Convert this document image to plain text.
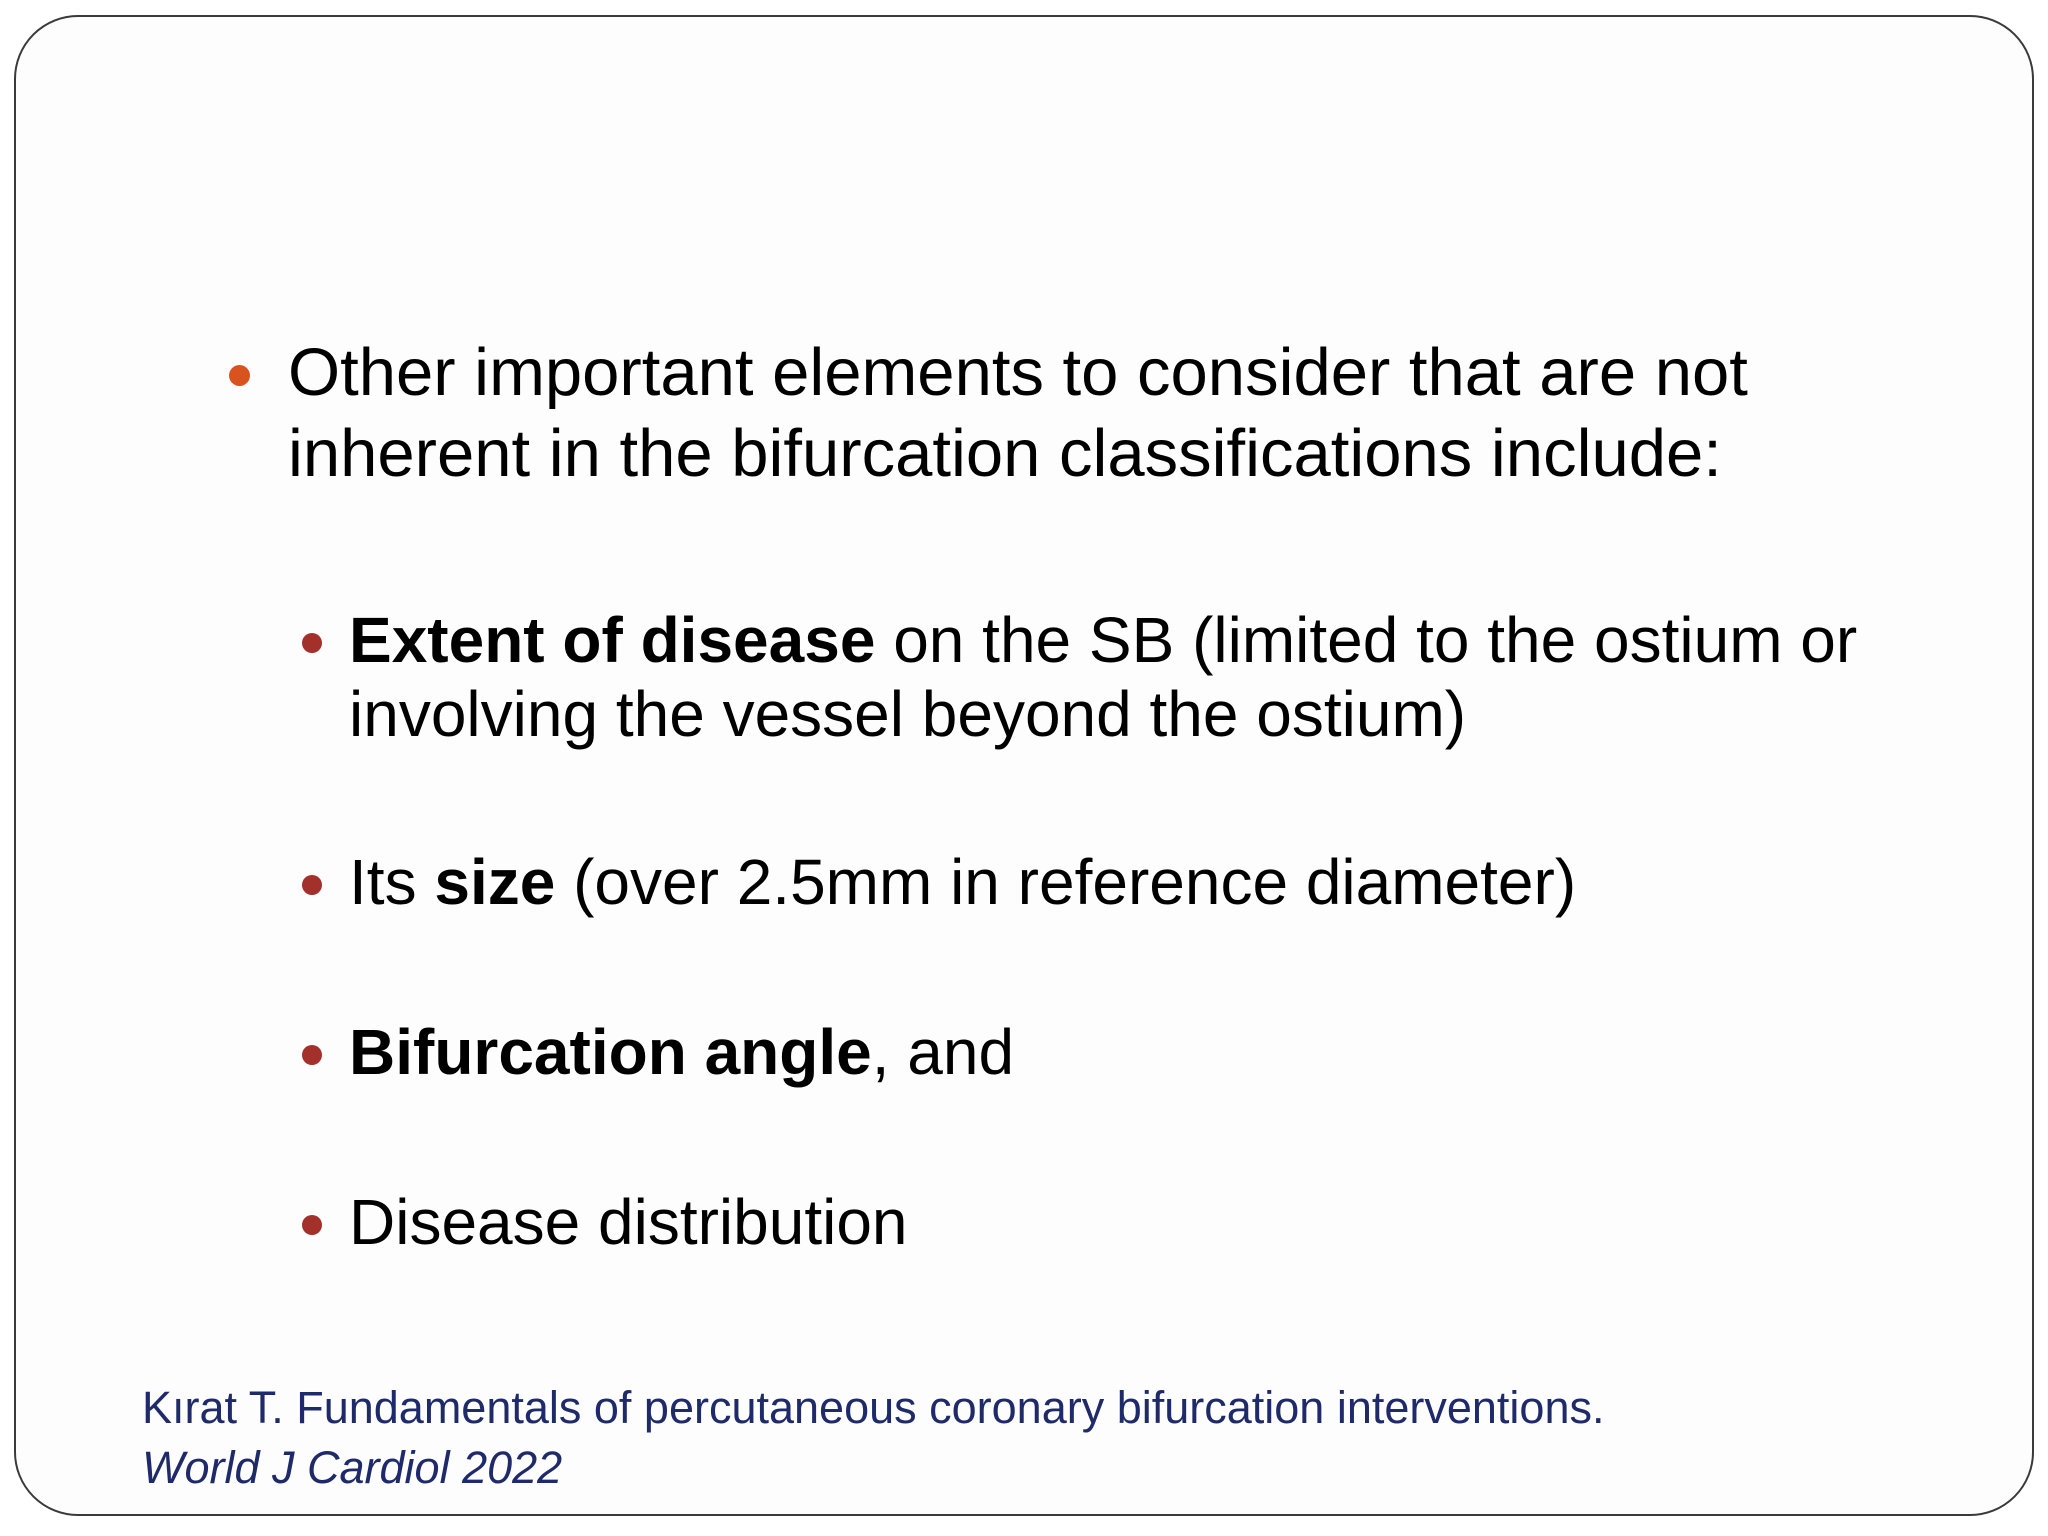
Other important elements to consider that are not inherent in the bifurcation classifications include:
Extent of disease on the SB (limited to the ostium or involving the vessel beyond the ostium)
Its size (over 2.5mm in reference diameter)
Bifurcation angle, and
Disease distribution
Kırat T. Fundamentals of percutaneous coronary bifurcation interventions.
World J Cardiol 2022
